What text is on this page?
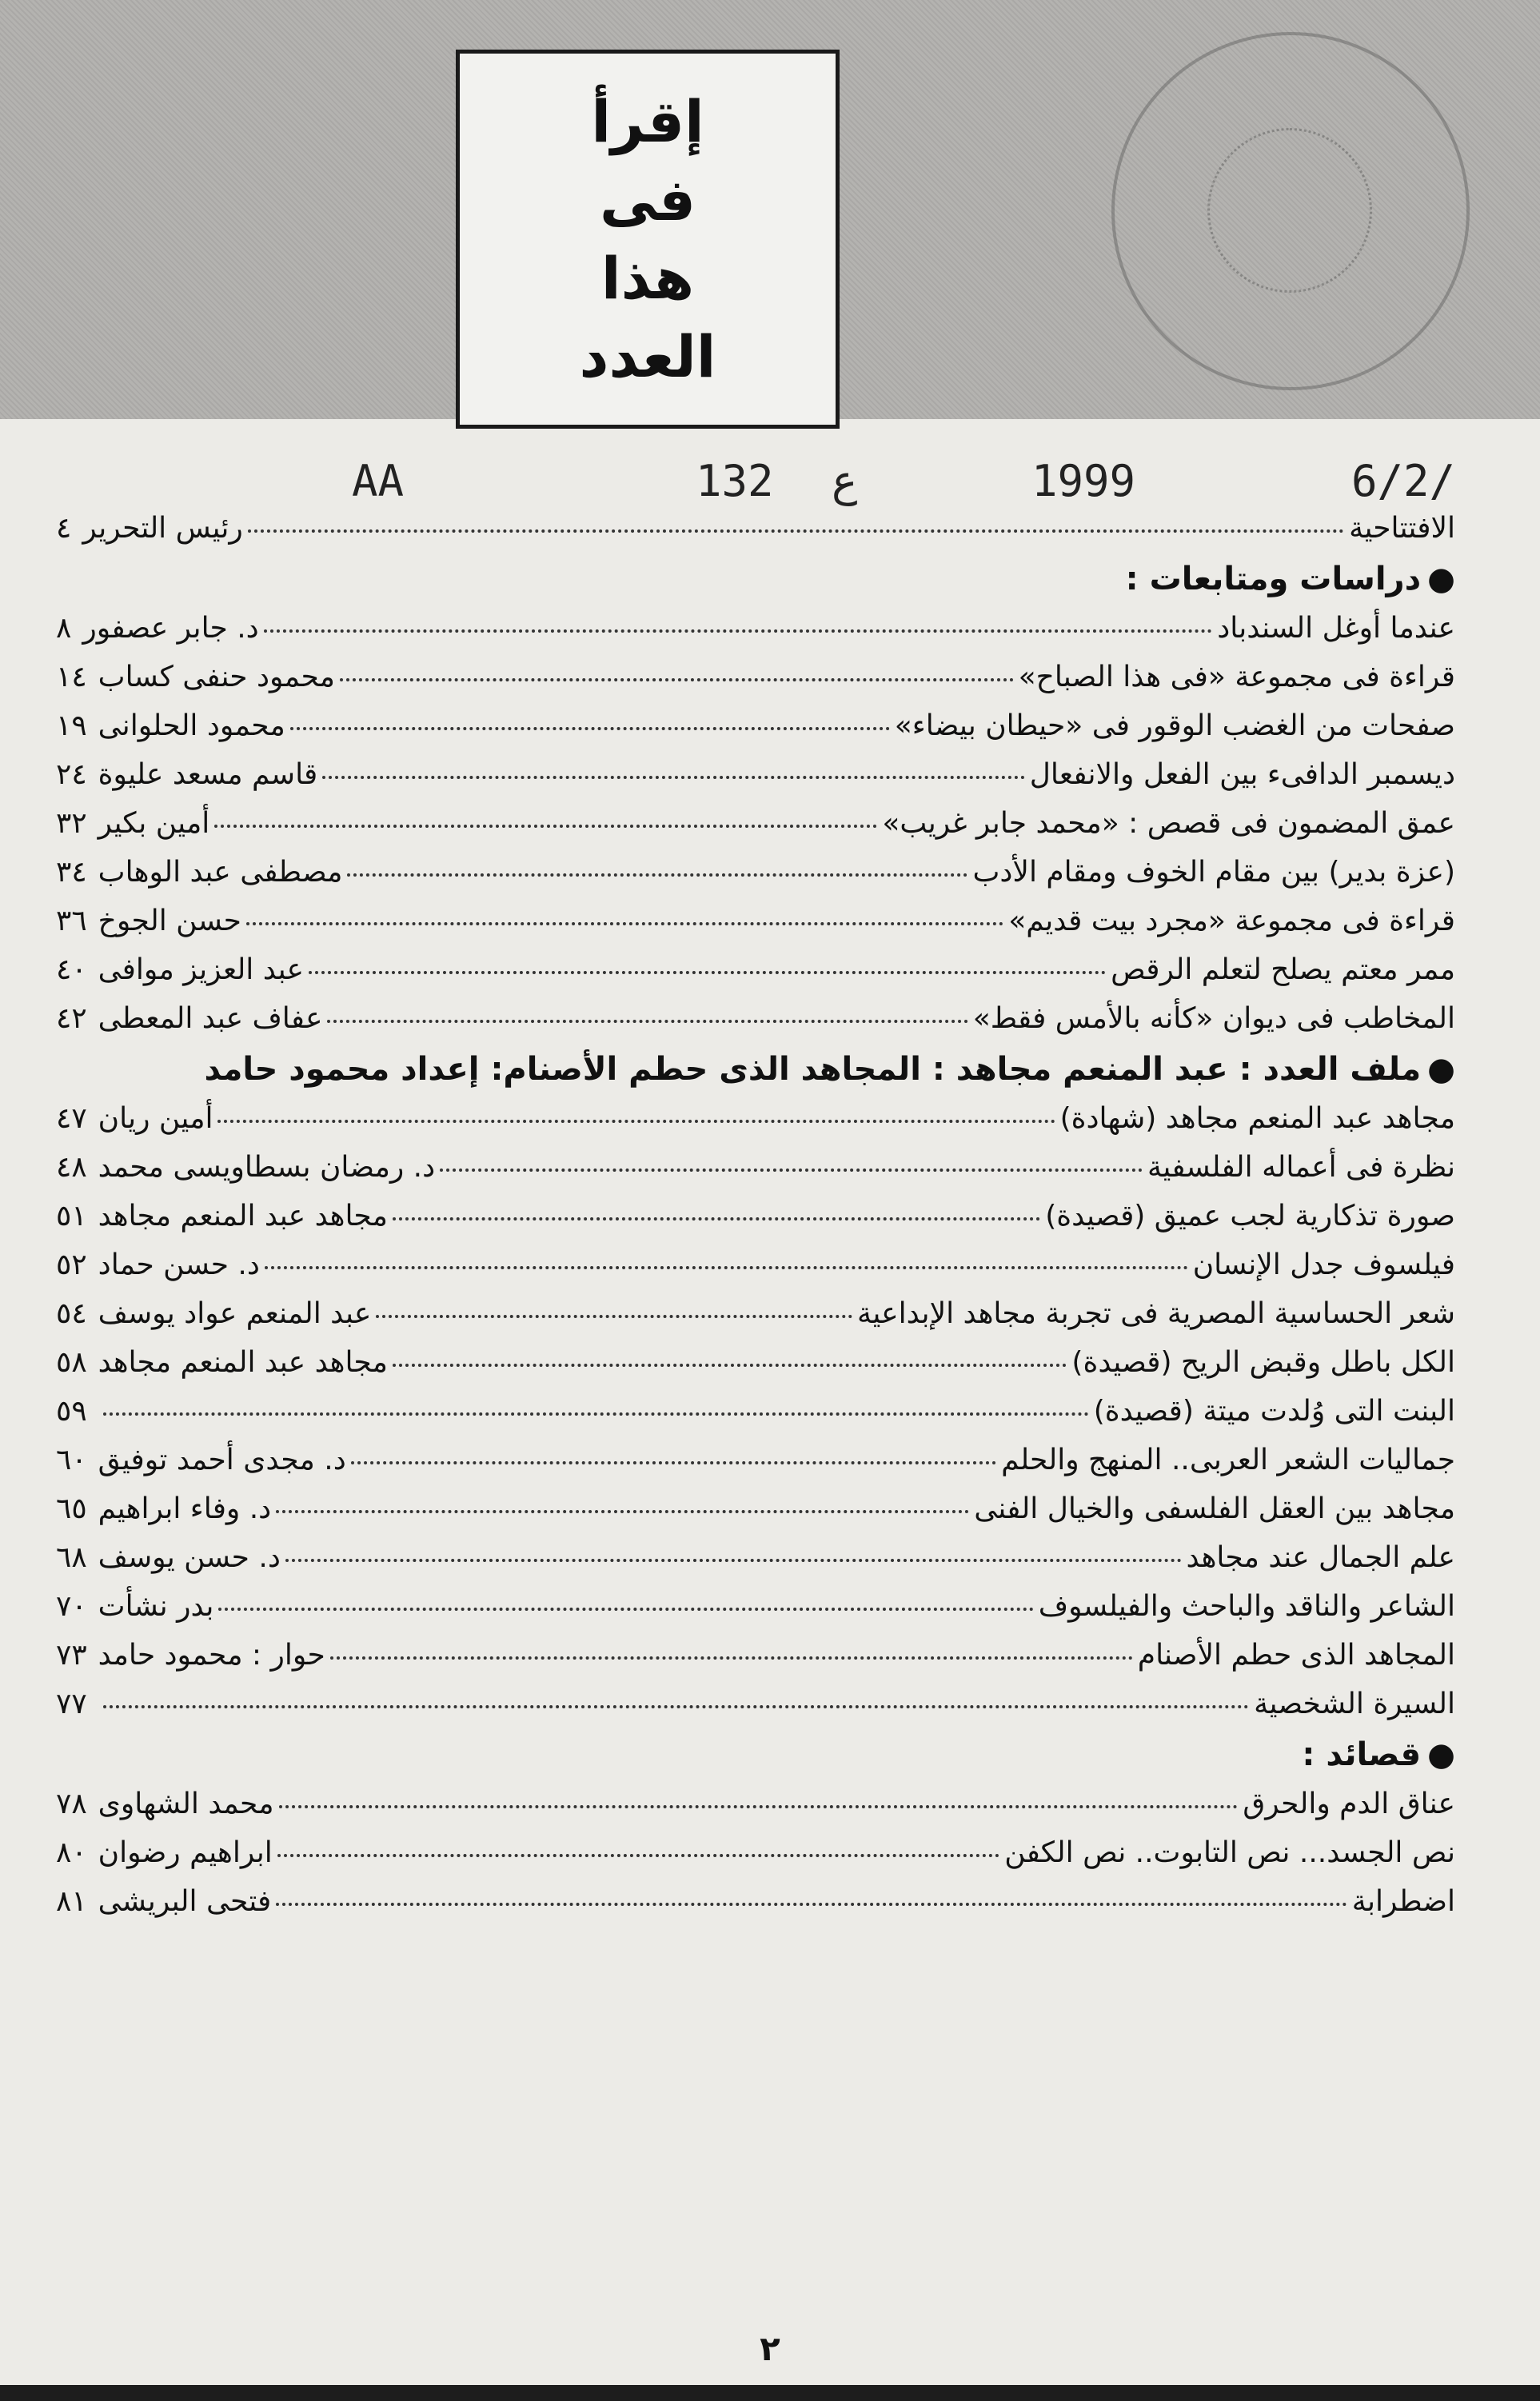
إقرأ
فى
هذا
العدد
6/2/
1999
ع
132
AA
الافتتاحية
رئيس التحرير
٤
●
دراسات ومتابعات :
عندما أوغل السندباد
د. جابر عصفور
٨
قراءة فى مجموعة «فى هذا الصباح»
محمود حنفى كساب
١٤
صفحات من الغضب الوقور فى «حيطان بيضاء»
محمود الحلوانى
١٩
ديسمبر الدافىء بين الفعل والانفعال
قاسم مسعد عليوة
٢٤
عمق المضمون فى قصص : «محمد جابر غريب»
أمين بكير
٣٢
(عزة بدير) بين مقام الخوف ومقام الأدب
مصطفى عبد الوهاب
٣٤
قراءة فى مجموعة «مجرد بيت قديم»
حسن الجوخ
٣٦
ممر معتم يصلح لتعلم الرقص
عبد العزيز موافى
٤٠
المخاطب فى ديوان «كأنه بالأمس فقط»
عفاف عبد المعطى
٤٢
●
ملف العدد : عبد المنعم مجاهد : المجاهد الذى حطم الأصنام: إعداد محمود حامد
مجاهد عبد المنعم مجاهد (شهادة)
أمين ريان
٤٧
نظرة فى أعماله الفلسفية
د. رمضان بسطاويسى محمد
٤٨
صورة تذكارية لجب عميق (قصيدة)
مجاهد عبد المنعم مجاهد
٥١
فيلسوف جدل الإنسان
د. حسن حماد
٥٢
شعر الحساسية المصرية فى تجربة مجاهد الإبداعية
عبد المنعم عواد يوسف
٥٤
الكل باطل وقبض الريح (قصيدة)
مجاهد عبد المنعم مجاهد
٥٨
البنت التى وُلدت ميتة (قصيدة)
٥٩
جماليات الشعر العربى.. المنهج والحلم
د. مجدى أحمد توفيق
٦٠
مجاهد بين العقل الفلسفى والخيال الفنى
د. وفاء ابراهيم
٦٥
علم الجمال عند مجاهد
د. حسن يوسف
٦٨
الشاعر والناقد والباحث والفيلسوف
بدر نشأت
٧٠
المجاهد الذى حطم الأصنام
حوار : محمود حامد
٧٣
السيرة الشخصية
٧٧
●
قصائد :
عناق الدم والحرق
محمد الشهاوى
٧٨
نص الجسد... نص التابوت.. نص الكفن
ابراهيم رضوان
٨٠
اضطرابة
فتحى البريشى
٨١
٢
